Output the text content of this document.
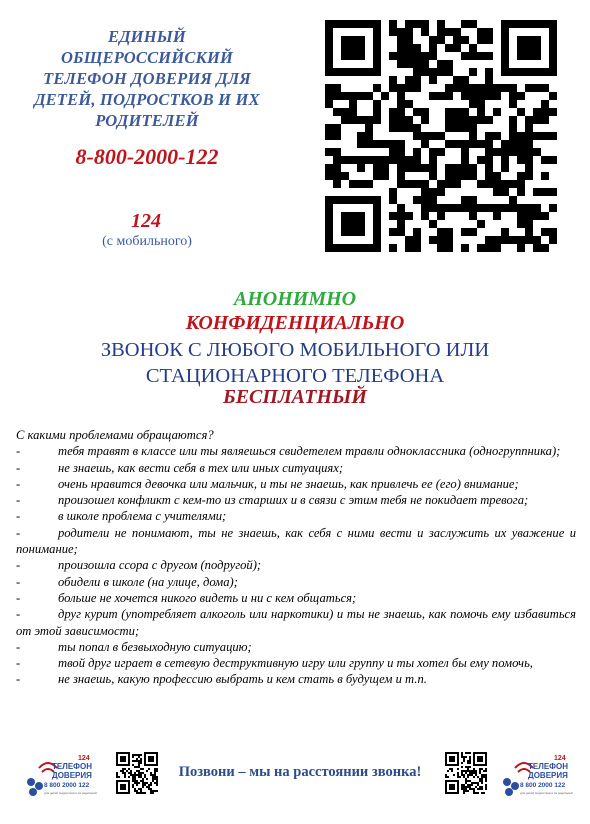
ЕДИНЫЙ ОБЩЕРОССИЙСКИЙ
ТЕЛЕФОН ДОВЕРИЯ ДЛЯ
ДЕТЕЙ, ПОДРОСТКОВ И ИХ
РОДИТЕЛЕЙ
8-800-2000-122
124
(с мобильного)
АНОНИМНО
КОНФИДЕНЦИАЛЬНО
ЗВОНОК С ЛЮБОГО МОБИЛЬНОГО ИЛИ
СТАЦИОНАРНОГО ТЕЛЕФОНА
БЕСПЛАТНЫЙ
С какими проблемами обращаются?
-	тебя травят в классе или ты являешься свидетелем травли одноклассника (одногруппника);
-	не знаешь, как вести себя в тех или иных ситуациях;
-	очень нравится девочка или мальчик, и ты не знаешь, как привлечь ее (его) внимание;
-	произошел конфликт с кем-то из старших и в связи с этим тебя не покидает тревога;
-	в школе проблема с учителями;
-	родители не понимают, ты не знаешь, как себя с ними вести и заслужить их уважение и понимание;
-	произошла ссора с другом (подругой);
-	обидели в школе (на улице, дома);
-	больше не хочется никого видеть и ни с кем общаться;
-	друг курит (употребляет алкоголь или наркотики) и ты не знаешь, как помочь ему избавиться от этой зависимости;
-	ты попал в безвыходную ситуацию;
-	твой друг играет в сетевую деструктивную игру или группу и ты хотел бы ему помочь,
-	не знаешь, какую профессию выбрать и кем стать в будущем и т.п.
124
ТЕЛЕФОН
ДОВЕРИЯ
8 800 2000 122
для детей подростков и их родителей
Позвони – мы на расстоянии звонка!
124
ТЕЛЕФОН
ДОВЕРИЯ
8 800 2000 122
для детей подростков и их родителей
